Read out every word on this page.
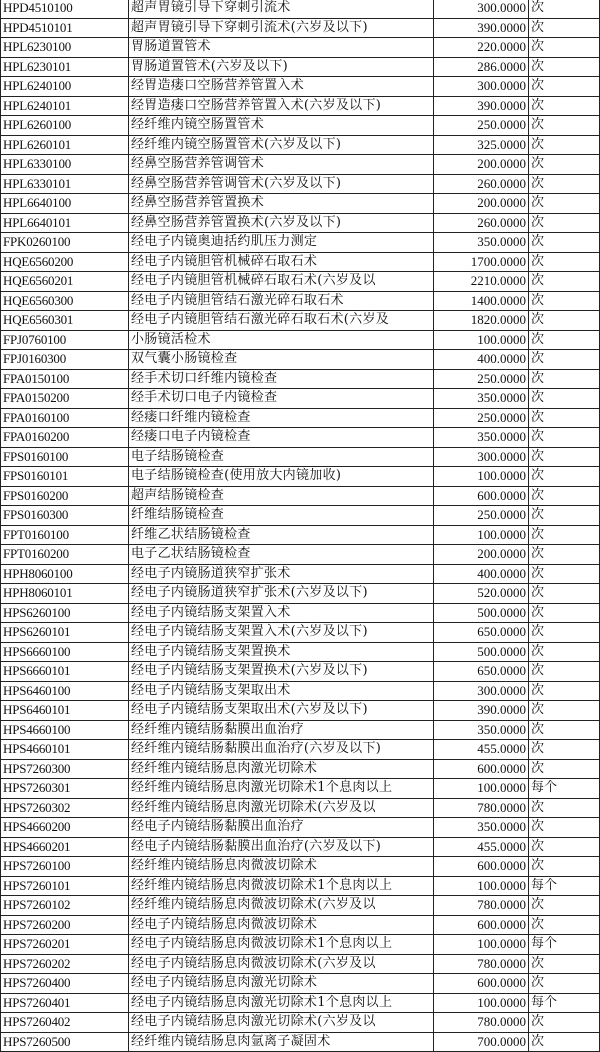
HPD4510100	超声胃镜引导下穿刺引流术	300.0000	次
HPD4510101	超声胃镜引导下穿刺引流术(六岁及以下)	390.0000	次
HPL6230100	胃肠道置管术	220.0000	次
HPL6230101	胃肠道置管术(六岁及以下)	286.0000	次
HPL6240100	经胃造瘘口空肠营养管置入术	300.0000	次
HPL6240101	经胃造瘘口空肠营养管置入术(六岁及以下)	390.0000	次
HPL6260100	经纤维内镜空肠置管术	250.0000	次
HPL6260101	经纤维内镜空肠置管术(六岁及以下)	325.0000	次
HPL6330100	经鼻空肠营养管调管术	200.0000	次
HPL6330101	经鼻空肠营养管调管术(六岁及以下)	260.0000	次
HPL6640100	经鼻空肠营养管置换术	200.0000	次
HPL6640101	经鼻空肠营养管置换术(六岁及以下)	260.0000	次
FPK0260100	经电子内镜奥迪括约肌压力测定	350.0000	次
HQE6560200	经电子内镜胆管机械碎石取石术	1700.0000	次
HQE6560201	经电子内镜胆管机械碎石取石术(六岁及以	2210.0000	次
HQE6560300	经电子内镜胆管结石激光碎石取石术	1400.0000	次
HQE6560301	经电子内镜胆管结石激光碎石取石术(六岁及	1820.0000	次
FPJ0760100	小肠镜活检术	100.0000	次
FPJ0160300	双气囊小肠镜检查	400.0000	次
FPA0150100	经手术切口纤维内镜检查	250.0000	次
FPA0150200	经手术切口电子内镜检查	350.0000	次
FPA0160100	经瘘口纤维内镜检查	250.0000	次
FPA0160200	经瘘口电子内镜检查	350.0000	次
FPS0160100	电子结肠镜检查	300.0000	次
FPS0160101	电子结肠镜检查(使用放大内镜加收)	100.0000	次
FPS0160200	超声结肠镜检查	600.0000	次
FPS0160300	纤维结肠镜检查	250.0000	次
FPT0160100	纤维乙状结肠镜检查	100.0000	次
FPT0160200	电子乙状结肠镜检查	200.0000	次
HPH8060100	经电子内镜肠道狭窄扩张术	400.0000	次
HPH8060101	经电子内镜肠道狭窄扩张术(六岁及以下)	520.0000	次
HPS6260100	经电子内镜结肠支架置入术	500.0000	次
HPS6260101	经电子内镜结肠支架置入术(六岁及以下)	650.0000	次
HPS6660100	经电子内镜结肠支架置换术	500.0000	次
HPS6660101	经电子内镜结肠支架置换术(六岁及以下)	650.0000	次
HPS6460100	经电子内镜结肠支架取出术	300.0000	次
HPS6460101	经电子内镜结肠支架取出术(六岁及以下)	390.0000	次
HPS4660100	经纤维内镜结肠黏膜出血治疗	350.0000	次
HPS4660101	经纤维内镜结肠黏膜出血治疗(六岁及以下)	455.0000	次
HPS7260300	经纤维内镜结肠息肉激光切除术	600.0000	次
HPS7260301	经纤维内镜结肠息肉激光切除术1个息肉以上	100.0000	每个
HPS7260302	经纤维内镜结肠息肉激光切除术(六岁及以	780.0000	次
HPS4660200	经电子内镜结肠黏膜出血治疗	350.0000	次
HPS4660201	经电子内镜结肠黏膜出血治疗(六岁及以下)	455.0000	次
HPS7260100	经纤维内镜结肠息肉微波切除术	600.0000	次
HPS7260101	经纤维内镜结肠息肉微波切除术1个息肉以上	100.0000	每个
HPS7260102	经纤维内镜结肠息肉微波切除术(六岁及以	780.0000	次
HPS7260200	经电子内镜结肠息肉微波切除术	600.0000	次
HPS7260201	经电子内镜结肠息肉微波切除术1个息肉以上	100.0000	每个
HPS7260202	经电子内镜结肠息肉微波切除术(六岁及以	780.0000	次
HPS7260400	经电子内镜结肠息肉激光切除术	600.0000	次
HPS7260401	经电子内镜结肠息肉激光切除术1个息肉以上	100.0000	每个
HPS7260402	经电子内镜结肠息肉激光切除术(六岁及以	780.0000	次
HPS7260500	经纤维内镜结肠息肉氩离子凝固术	700.0000	次
